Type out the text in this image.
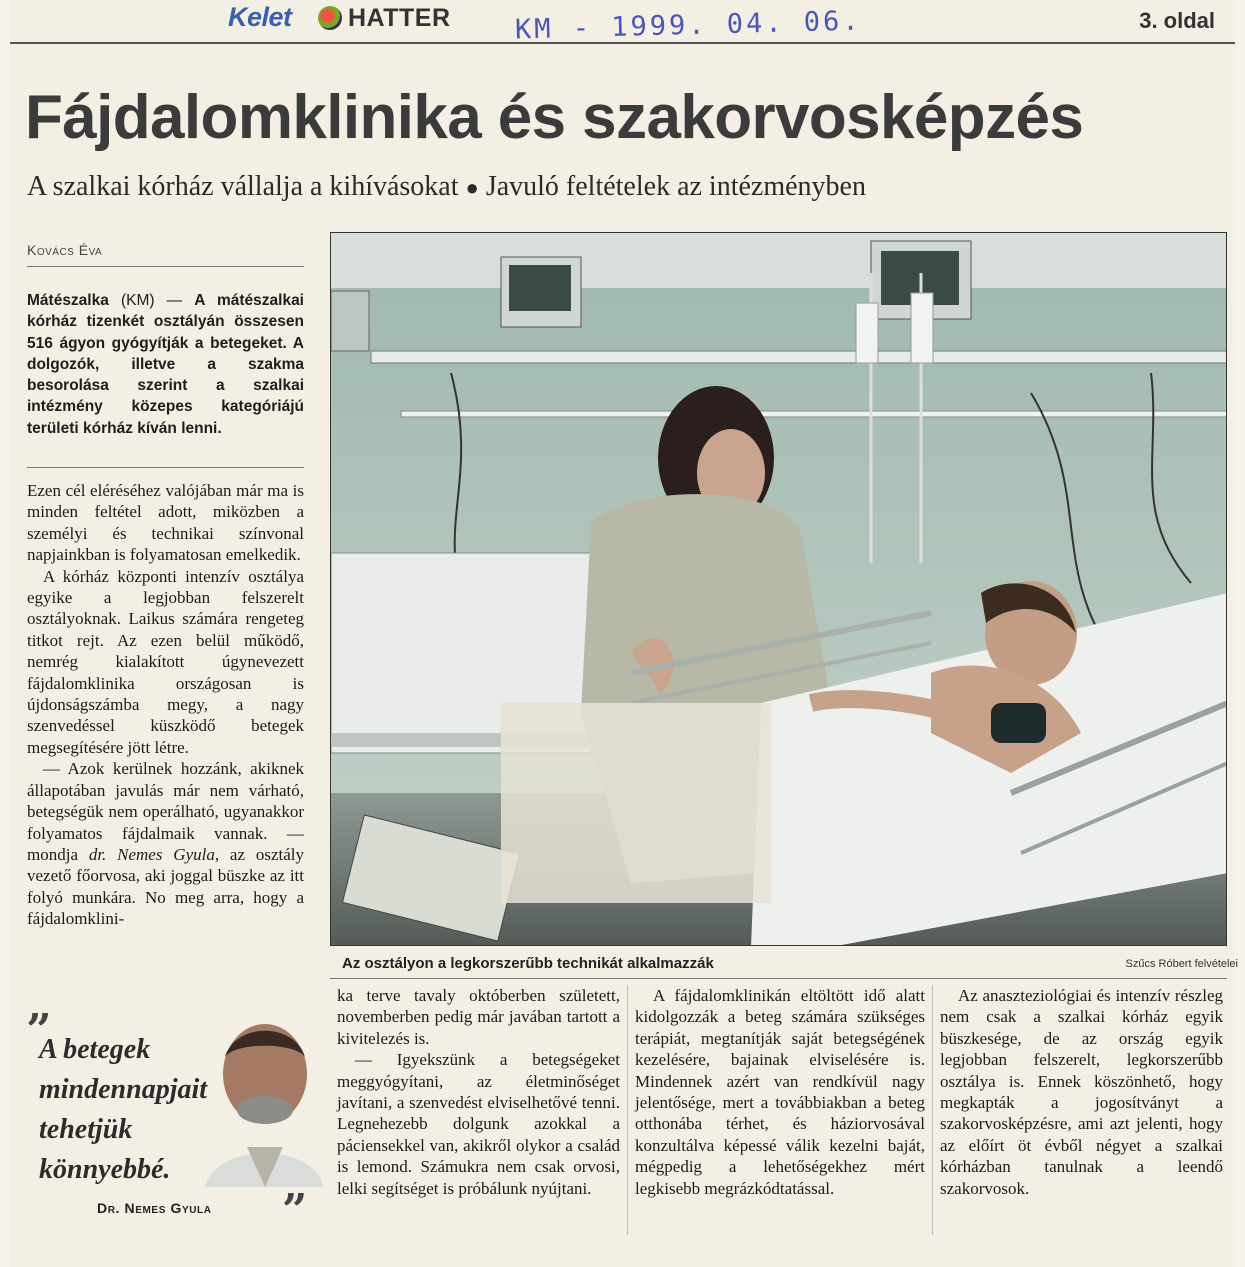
Kelet HATTER KM - 1999. 04. 06.	3. oldal
Fájdalomklinika és szakorvosképzés
A szalkai kórház vállalja a kihívásokat ● Javuló feltételek az intézményben
Kovács Éva
Mátészalka (KM) — A mátészalkai kórház tizenkét osztályán összesen 516 ágyon gyógyítják a betegeket. A dolgozók, illetve a szakma besorolása szerint a szalkai intézmény közepes kategóriájú területi kórház kíván lenni.

Ezen cél eléréséhez valójában már ma is minden feltétel adott, miközben a személyi és technikai színvonal napjainkban is folyamatosan emelkedik.

A kórház központi intenzív osztálya egyike a legjobban felszerelt osztályoknak. Laikus számára rengeteg titkot rejt. Az ezen belül működő, nemrég kialakított úgynevezett fájdalomklinika országosan is újdonságszámba megy, a nagy szenvedéssel küszködő betegek megsegítésére jött létre.

— Azok kerülnek hozzánk, akiknek állapotában javulás már nem várható, betegségük nem operálható, ugyanakkor folyamatos fájdalmaik vannak. — mondja dr. Nemes Gyula, az osztály vezető főorvosa, aki joggal büszke az itt folyó munkára. No meg arra, hogy a fájdalomklini-

Az osztályon a legkorszerűbb technikát alkalmazzák	Szűcs Róbert felvételei
„
A betegek mindennapjait tehetjük könnyebbé.
Dr. Nemes Gyula ”

ka terve tavaly októberben született, novemberben pedig már javában tartott a kivitelezés is.

— Igyekszünk a betegségeket meggyógyítani, az életminőséget javítani, a szenvedést elviselhetővé tenni. Legnehezebb dolgunk azokkal a páciensekkel van, akikről olykor a család is lemond. Számukra nem csak orvosi, lelki segítséget is próbálunk nyújtani.

A fájdalomklinikán eltöltött idő alatt kidolgozzák a beteg számára szükséges terápiát, megtanítják saját betegségének kezelésére, bajainak elviselésére is. Mindennek azért van rendkívül nagy jelentősége, mert a továbbiakban a beteg otthonába térhet, és háziorvosával konzultálva képessé válik kezelni baját, mégpedig a lehetőségekhez mért legkisebb megrázkódtatással.

Az anaszteziológiai és intenzív részleg nem csak a szalkai kórház egyik büszkesége, de az ország egyik legjobban felszerelt, legkorszerűbb osztálya is. Ennek köszönhető, hogy megkapták a jogosítványt a szakorvosképzésre, ami azt jelenti, hogy az előírt öt évből négyet a szalkai kórházban tanulnak a leendő szakorvosok.
